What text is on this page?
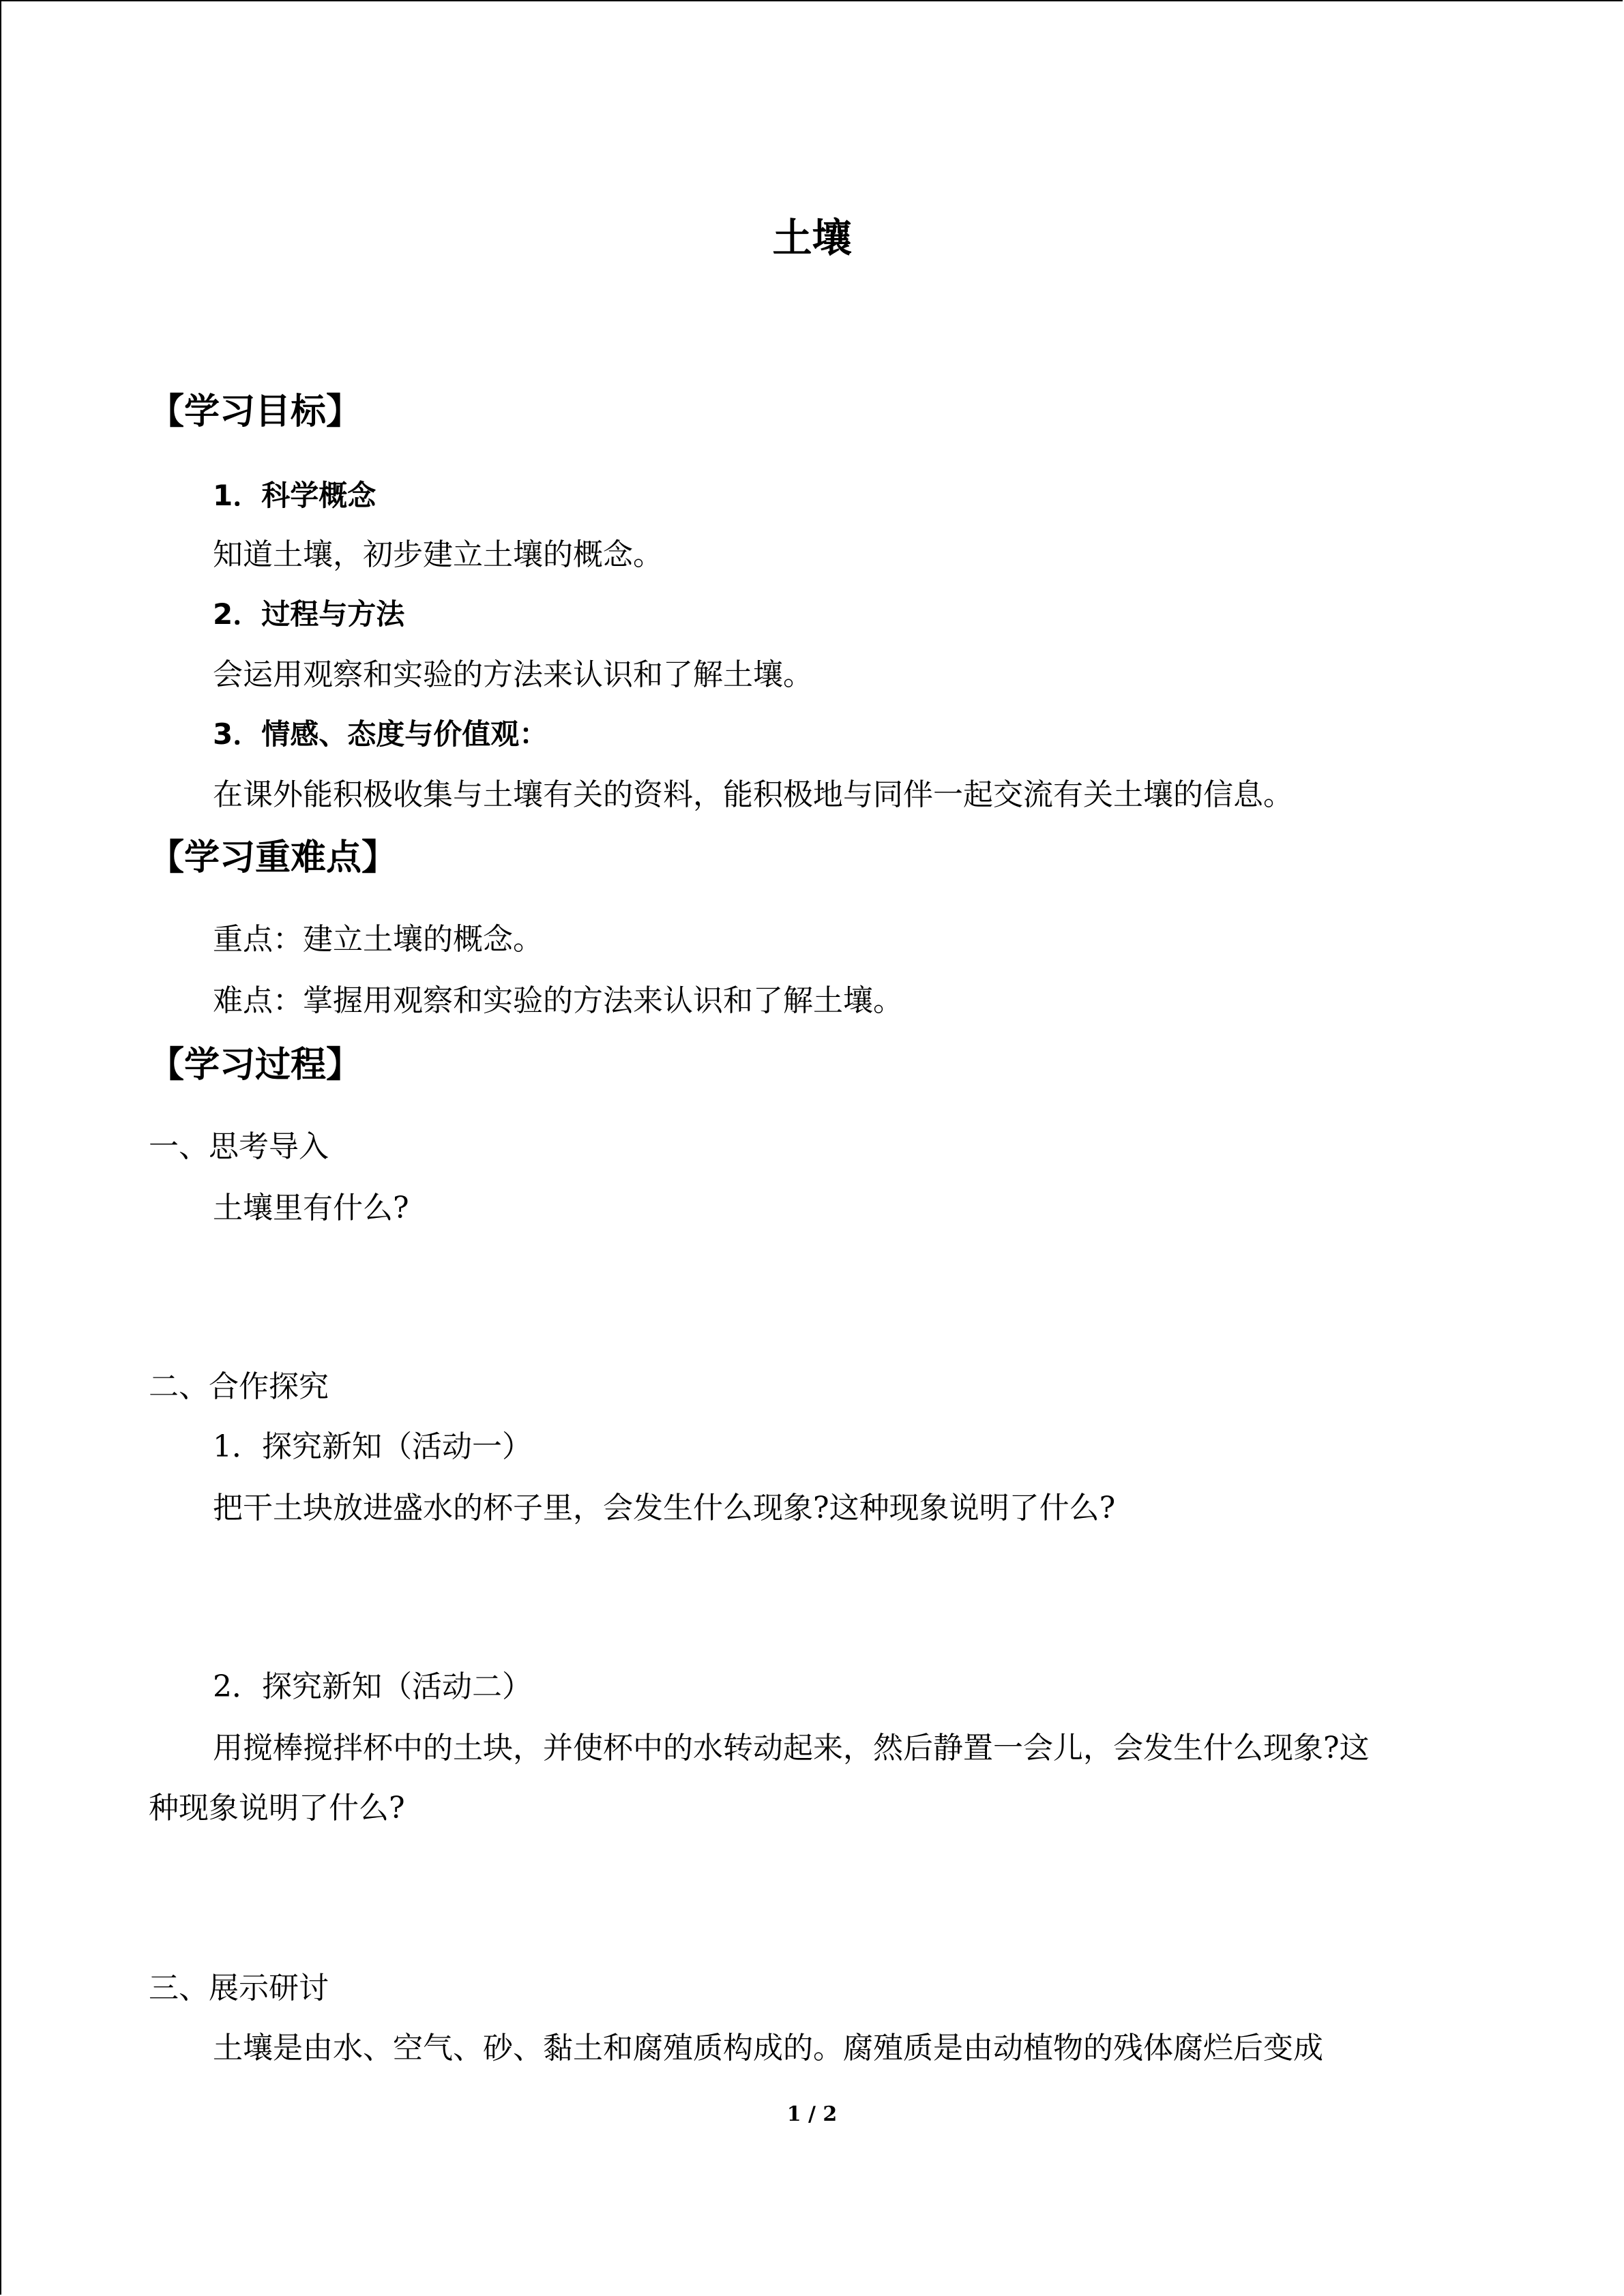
土壤
【学习目标】
1．科学概念
知道土壤，初步建立土壤的概念。
2．过程与方法
会运用观察和实验的方法来认识和了解土壤。
3．情感、态度与价值观：
在课外能积极收集与土壤有关的资料，能积极地与同伴一起交流有关土壤的信息。
【学习重难点】
重点：建立土壤的概念。
难点：掌握用观察和实验的方法来认识和了解土壤。
【学习过程】
一、思考导入
土壤里有什么?
二、合作探究
1．探究新知（活动一）
把干土块放进盛水的杯子里，会发生什么现象?这种现象说明了什么?
2．探究新知（活动二）
用搅棒搅拌杯中的土块，并使杯中的水转动起来，然后静置一会儿，会发生什么现象?这
种现象说明了什么?
三、展示研讨
土壤是由水、空气、砂、黏土和腐殖质构成的。腐殖质是由动植物的残体腐烂后变成
1 / 2
